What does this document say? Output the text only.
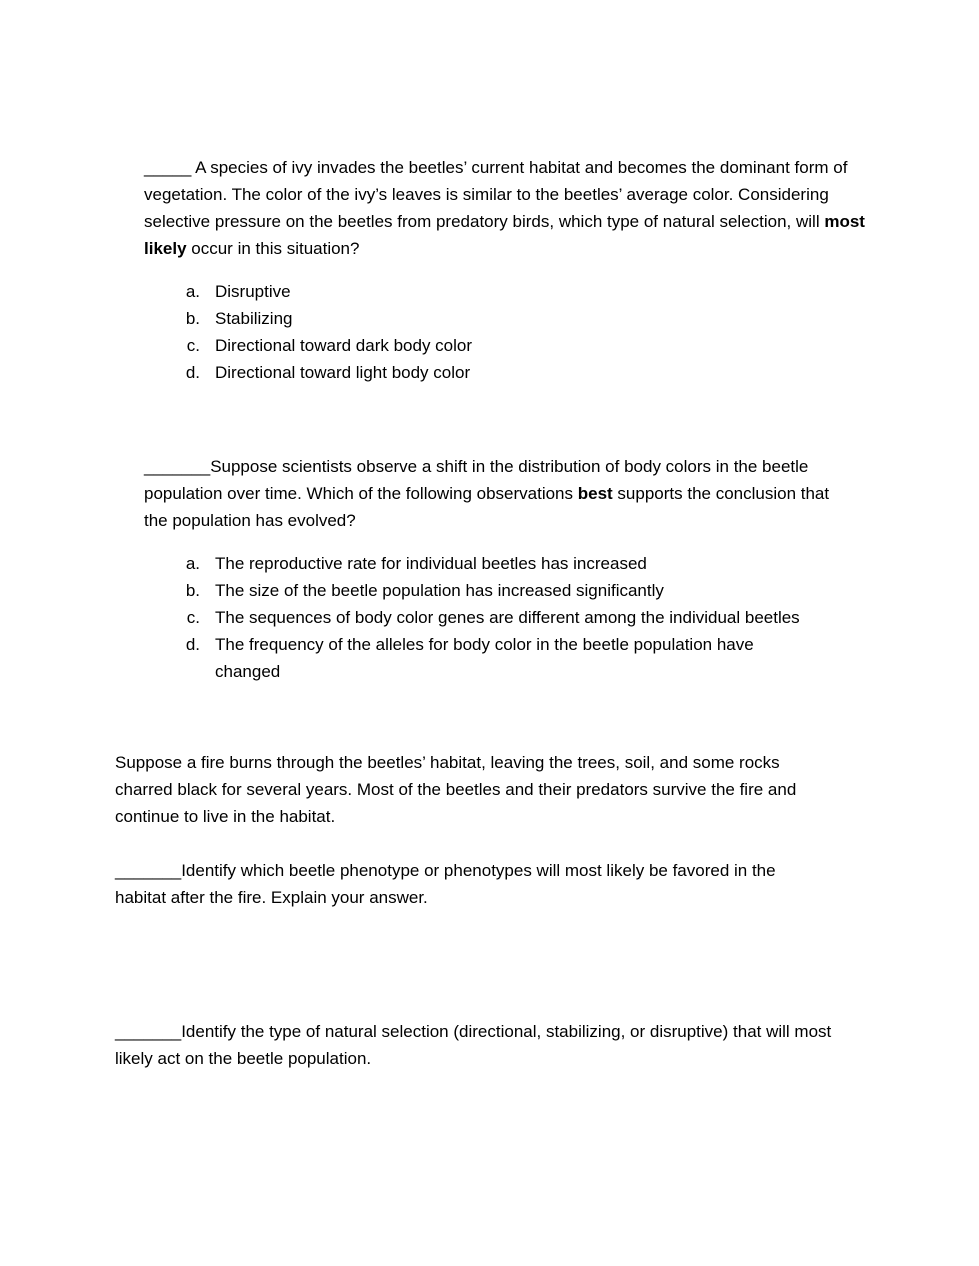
_____ A species of ivy invades the beetles’ current habitat and becomes the dominant form of vegetation. The color of the ivy’s leaves is similar to the beetles’ average color. Considering selective pressure on the beetles from predatory birds, which type of natural selection, will most likely occur in this situation?

a. Disruptive
b. Stabilizing
c. Directional toward dark body color
d. Directional toward light body color

_______Suppose scientists observe a shift in the distribution of body colors in the beetle population over time. Which of the following observations best supports the conclusion that the population has evolved?

a. The reproductive rate for individual beetles has increased
b. The size of the beetle population has increased significantly
c. The sequences of body color genes are different among the individual beetles
d. The frequency of the alleles for body color in the beetle population have changed

Suppose a fire burns through the beetles’ habitat, leaving the trees, soil, and some rocks charred black for several years. Most of the beetles and their predators survive the fire and continue to live in the habitat.

_______Identify which beetle phenotype or phenotypes will most likely be favored in the habitat after the fire. Explain your answer.

_______Identify the type of natural selection (directional, stabilizing, or disruptive) that will most likely act on the beetle population.
